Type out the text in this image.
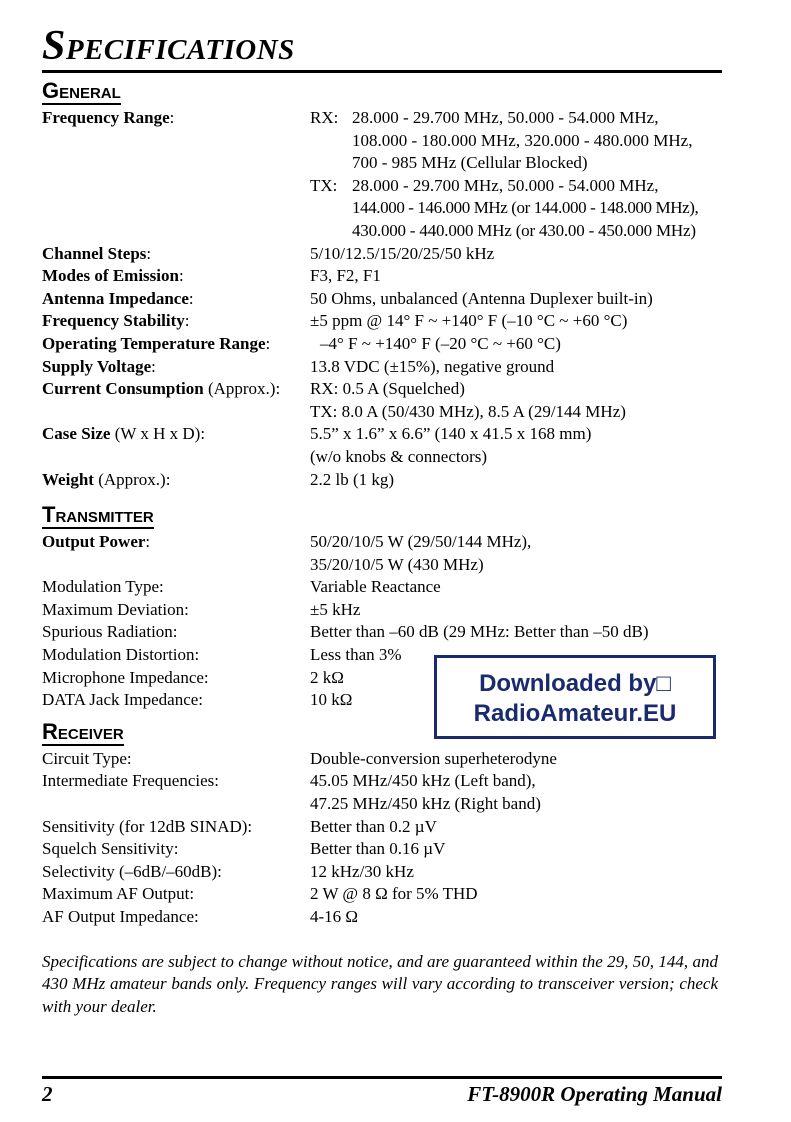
Specifications
General
Frequency Range:	RX: 28.000 - 29.700 MHz, 50.000 - 54.000 MHz,
108.000 - 180.000 MHz, 320.000 - 480.000 MHz,
700 - 985 MHz (Cellular Blocked)
TX: 28.000 - 29.700 MHz, 50.000 - 54.000 MHz,
144.000 - 146.000 MHz (or 144.000 - 148.000 MHz),
430.000 - 440.000 MHz (or 430.00 - 450.000 MHz)
Channel Steps:	5/10/12.5/15/20/25/50 kHz
Modes of Emission:	F3, F2, F1
Antenna Impedance:	50 Ohms, unbalanced (Antenna Duplexer built-in)
Frequency Stability:	±5 ppm @ 14° F ~ +140° F (–10 °C ~ +60 °C)
Operating Temperature Range:	–4° F ~ +140° F (–20 °C ~ +60 °C)
Supply Voltage:	13.8 VDC (±15%), negative ground
Current Consumption (Approx.):	RX: 0.5 A (Squelched)
TX: 8.0 A (50/430 MHz), 8.5 A (29/144 MHz)
Case Size (W x H x D):	5.5” x 1.6” x 6.6” (140 x 41.5 x 168 mm)
(w/o knobs & connectors)
Weight (Approx.):	2.2 lb (1 kg)
Transmitter
Output Power:	50/20/10/5 W (29/50/144 MHz),
35/20/10/5 W (430 MHz)
Modulation Type:	Variable Reactance
Maximum Deviation:	±5 kHz
Spurious Radiation:	Better than –60 dB (29 MHz: Better than –50 dB)
Modulation Distortion:	Less than 3%
Microphone Impedance:	2 kΩ
DATA Jack Impedance:	10 kΩ
Receiver
Circuit Type:	Double-conversion superheterodyne
Intermediate Frequencies:	45.05 MHz/450 kHz (Left band),
47.25 MHz/450 kHz (Right band)
Sensitivity (for 12dB SINAD):	Better than 0.2 µV
Squelch Sensitivity:	Better than 0.16 µV
Selectivity (–6dB/–60dB):	12 kHz/30 kHz
Maximum AF Output:	2 W @ 8 Ω for 5% THD
AF Output Impedance:	4-16 Ω
Specifications are subject to change without notice, and are guaranteed within the 29, 50, 144, and 430 MHz amateur bands only. Frequency ranges will vary according to transceiver version; check with your dealer.
Downloaded by□
RadioAmateur.EU
2	FT-8900R Operating Manual
